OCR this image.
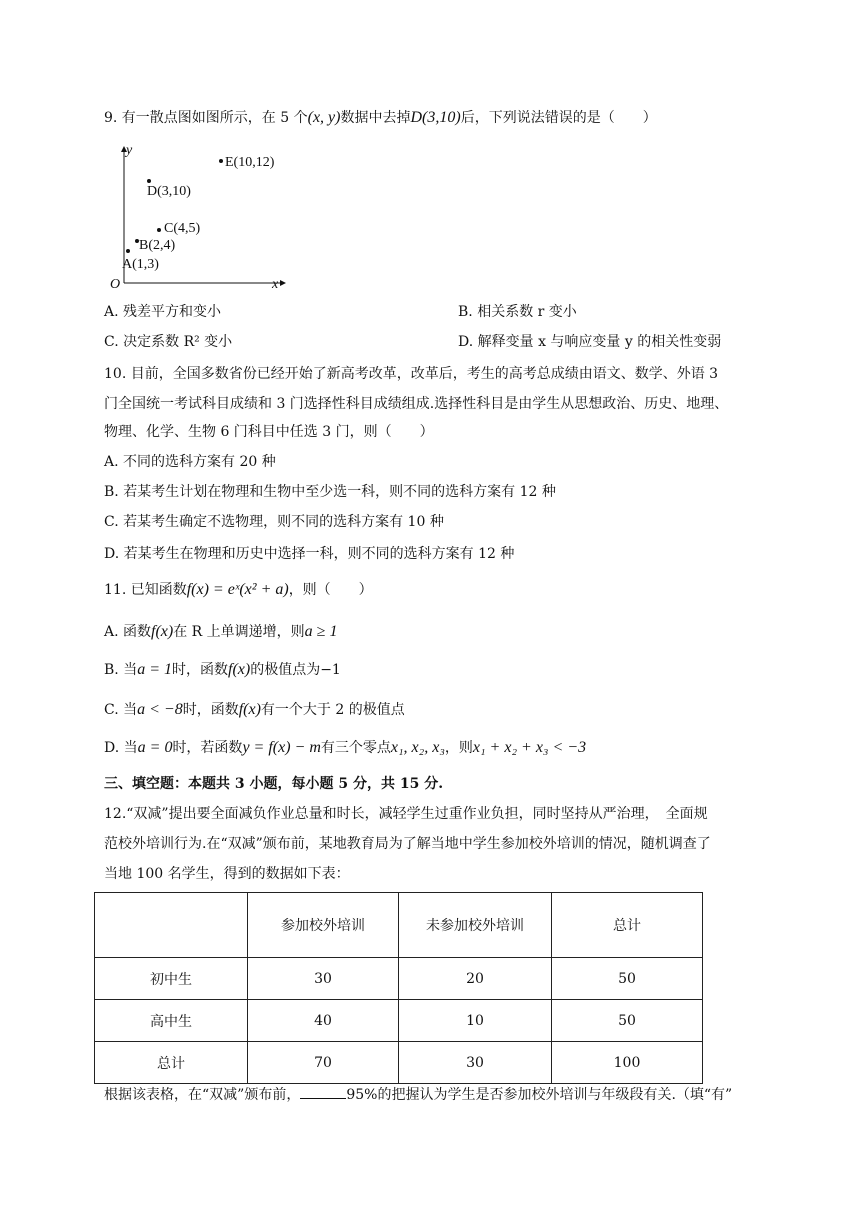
9. 有一散点图如图所示，在 5 个(x, y)数据中去掉D(3,10)后，下列说法错误的是（　　）
y
x
O
A(1,3)
B(2,4)
C(4,5)
D(3,10)
E(10,12)
A. 残差平方和变小	B. 相关系数 r 变小
C. 决定系数 R² 变小	D. 解释变量 x 与响应变量 y 的相关性变弱
10. 目前，全国多数省份已经开始了新高考改革，改革后，考生的高考总成绩由语文、数学、外语 3
门全国统一考试科目成绩和 3 门选择性科目成绩组成.选择性科目是由学生从思想政治、历史、地理、
物理、化学、生物 6 门科目中任选 3 门，则（　　）
A. 不同的选科方案有 20 种
B. 若某考生计划在物理和生物中至少选一科，则不同的选科方案有 12 种
C. 若某考生确定不选物理，则不同的选科方案有 10 种
D. 若某考生在物理和历史中选择一科，则不同的选科方案有 12 种
11. 已知函数f(x) = eˣ(x² + a)，则（　　）
A. 函数f(x)在 R 上单调递增，则a ≥ 1
B. 当a = 1时，函数f(x)的极值点为−1
C. 当a < −8时，函数f(x)有一个大于 2 的极值点
D. 当a = 0时，若函数y = f(x) − m有三个零点x₁, x₂, x₃，则x₁ + x₂ + x₃ < −3
三、填空题：本题共 3 小题，每小题 5 分，共 15 分.
12.“双减”提出要全面减负作业总量和时长，减轻学生过重作业负担，同时坚持从严治理，　全面规
范校外培训行为.在“双减”颁布前，某地教育局为了解当地中学生参加校外培训的情况，随机调查了
当地 100 名学生，得到的数据如下表：
	参加校外培训	未参加校外培训	总计
初中生	30	20	50
高中生	40	10	50
总计	70	30	100
根据该表格，在“双减”颁布前，	95%的把握认为学生是否参加校外培训与年级段有关.（填“有”
